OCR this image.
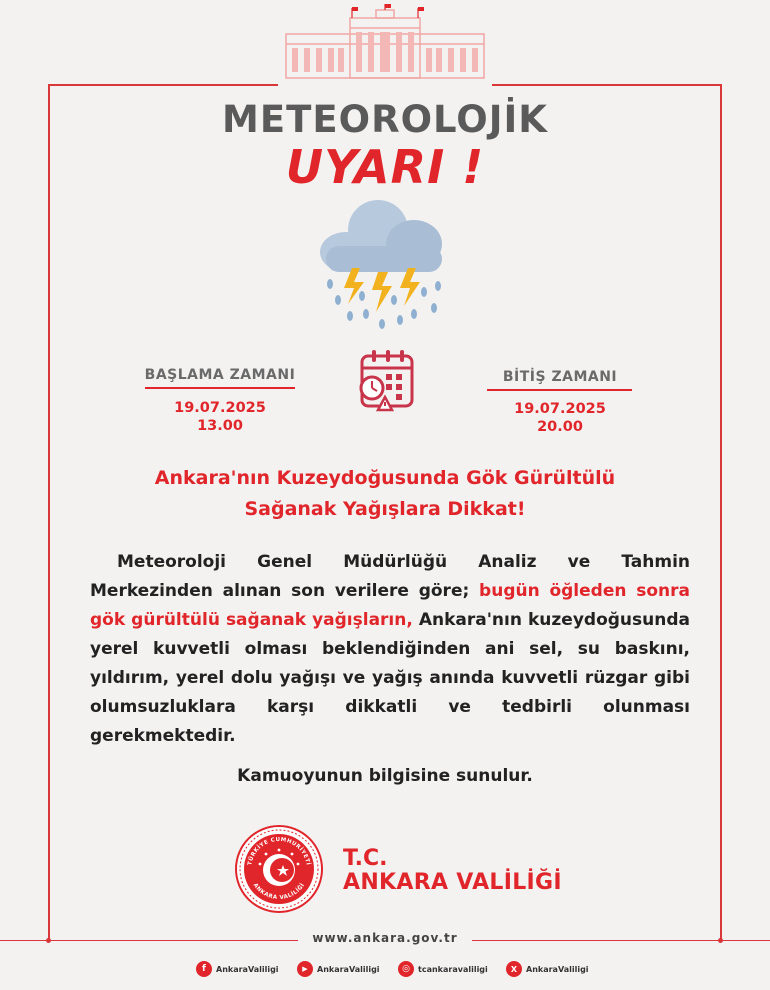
METEOROLOJİK
UYARI !
BAŞLAMA ZAMANI
19.07.2025
13.00
BİTİŞ ZAMANI
19.07.2025
20.00
Ankara'nın Kuzeydoğusunda Gök Gürültülü
Sağanak Yağışlara Dikkat!
Meteoroloji Genel Müdürlüğü Analiz ve Tahmin Merkezinden alınan son verilere göre; bugün öğleden sonra gök gürültülü sağanak yağışların, Ankara'nın kuzeydoğusunda yerel kuvvetli olması beklendiğinden ani sel, su baskını, yıldırım, yerel dolu yağışı ve yağış anında kuvvetli rüzgar gibi olumsuzluklara karşı dikkatli ve tedbirli olunması gerekmektedir.
Kamuoyunun bilgisine sunulur.
TÜRKİYE CUMHURİYETİ
ANKARA VALİLİĞİ
T.C.
ANKARA VALİLİĞİ
www.ankara.gov.tr
f	AnkaraValiligi	▶	AnkaraValiligi	◎	tcankaravaliligi	X	AnkaraValiligi
